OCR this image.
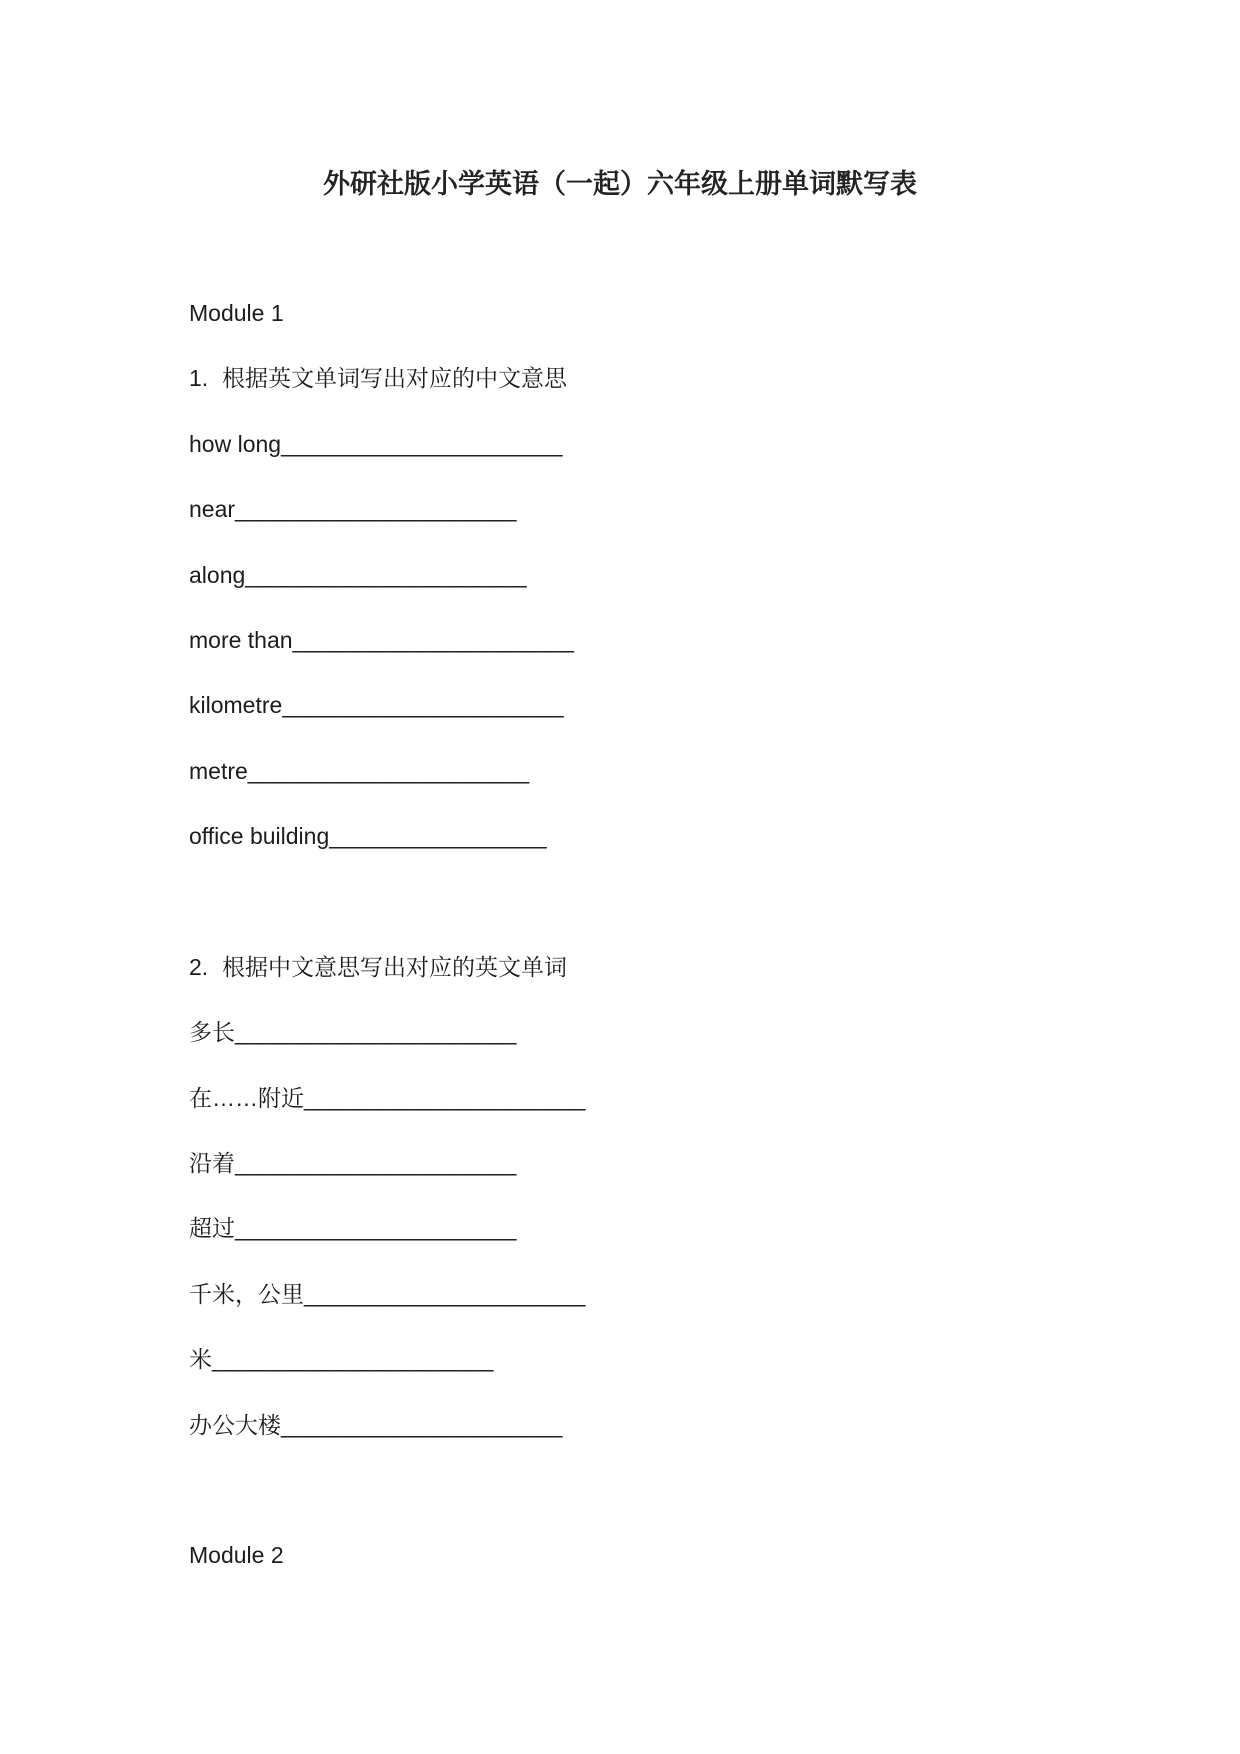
外研社版小学英语（一起）六年级上册单词默写表
Module 1
1. 根据英文单词写出对应的中文意思
how long______________________
near______________________
along______________________
more than______________________
kilometre______________________
metre______________________
office building_________________
2. 根据中文意思写出对应的英文单词
多长______________________
在……附近______________________
沿着______________________
超过______________________
千米，公里______________________
米______________________
办公大楼______________________
Module 2
